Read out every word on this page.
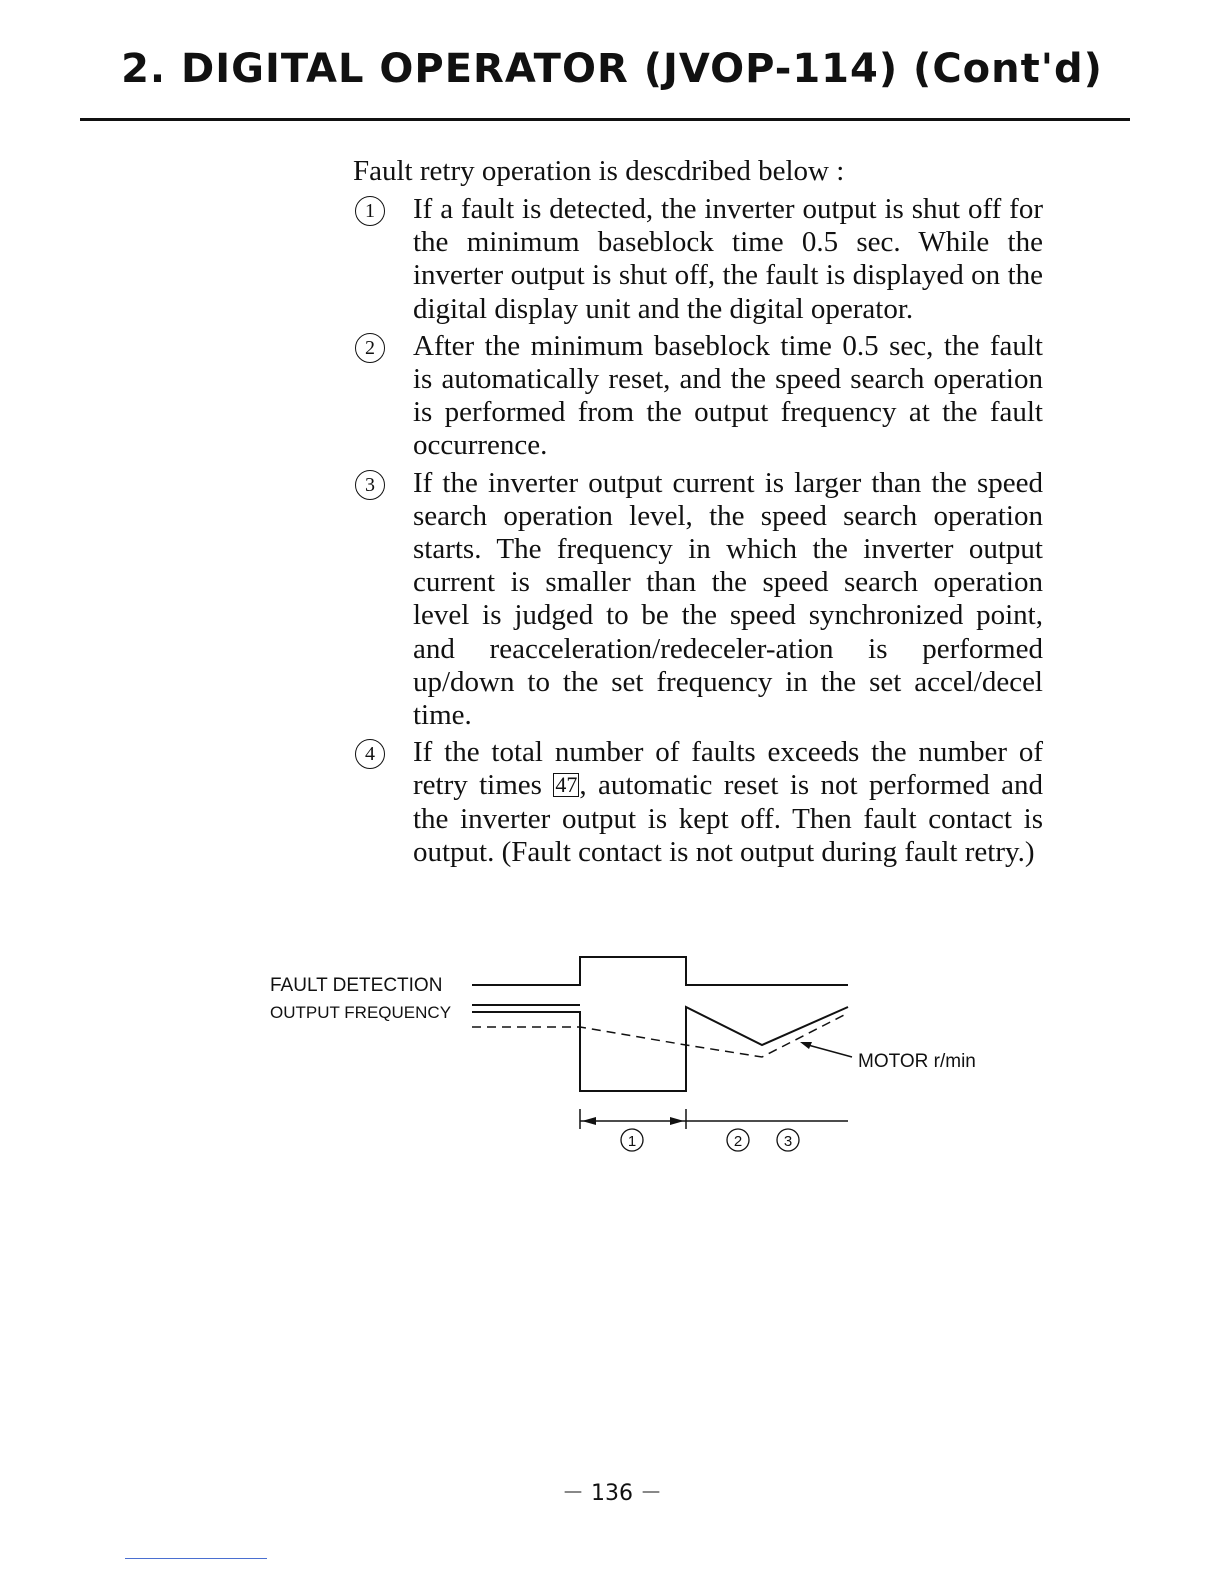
2. DIGITAL OPERATOR (JVOP-114) (Cont'd)
Fault retry operation is descdribed below :
1	If a fault is detected, the inverter output is shut off for the minimum baseblock time 0.5 sec. While the inverter output is shut off, the fault is displayed on the digital display unit and the digital operator.
2	After the minimum baseblock time 0.5 sec, the fault is automatically reset, and the speed search operation is performed from the output frequency at the fault occurrence.
3	If the inverter output current is larger than the speed search operation level, the speed search operation starts. The frequency in which the inverter output current is smaller than the speed search operation level is judged to be the speed synchronized point, and reacceleration/redeceler-ation is performed up/down to the set frequency in the set accel/decel time.
4	If the total number of faults exceeds the number of retry times 47, automatic reset is not performed and the inverter output is kept off. Then fault contact is output. (Fault contact is not output during fault retry.)
FAULT DETECTION
OUTPUT FREQUENCY
MOTOR r/min
1	2	3
－ 136 －
